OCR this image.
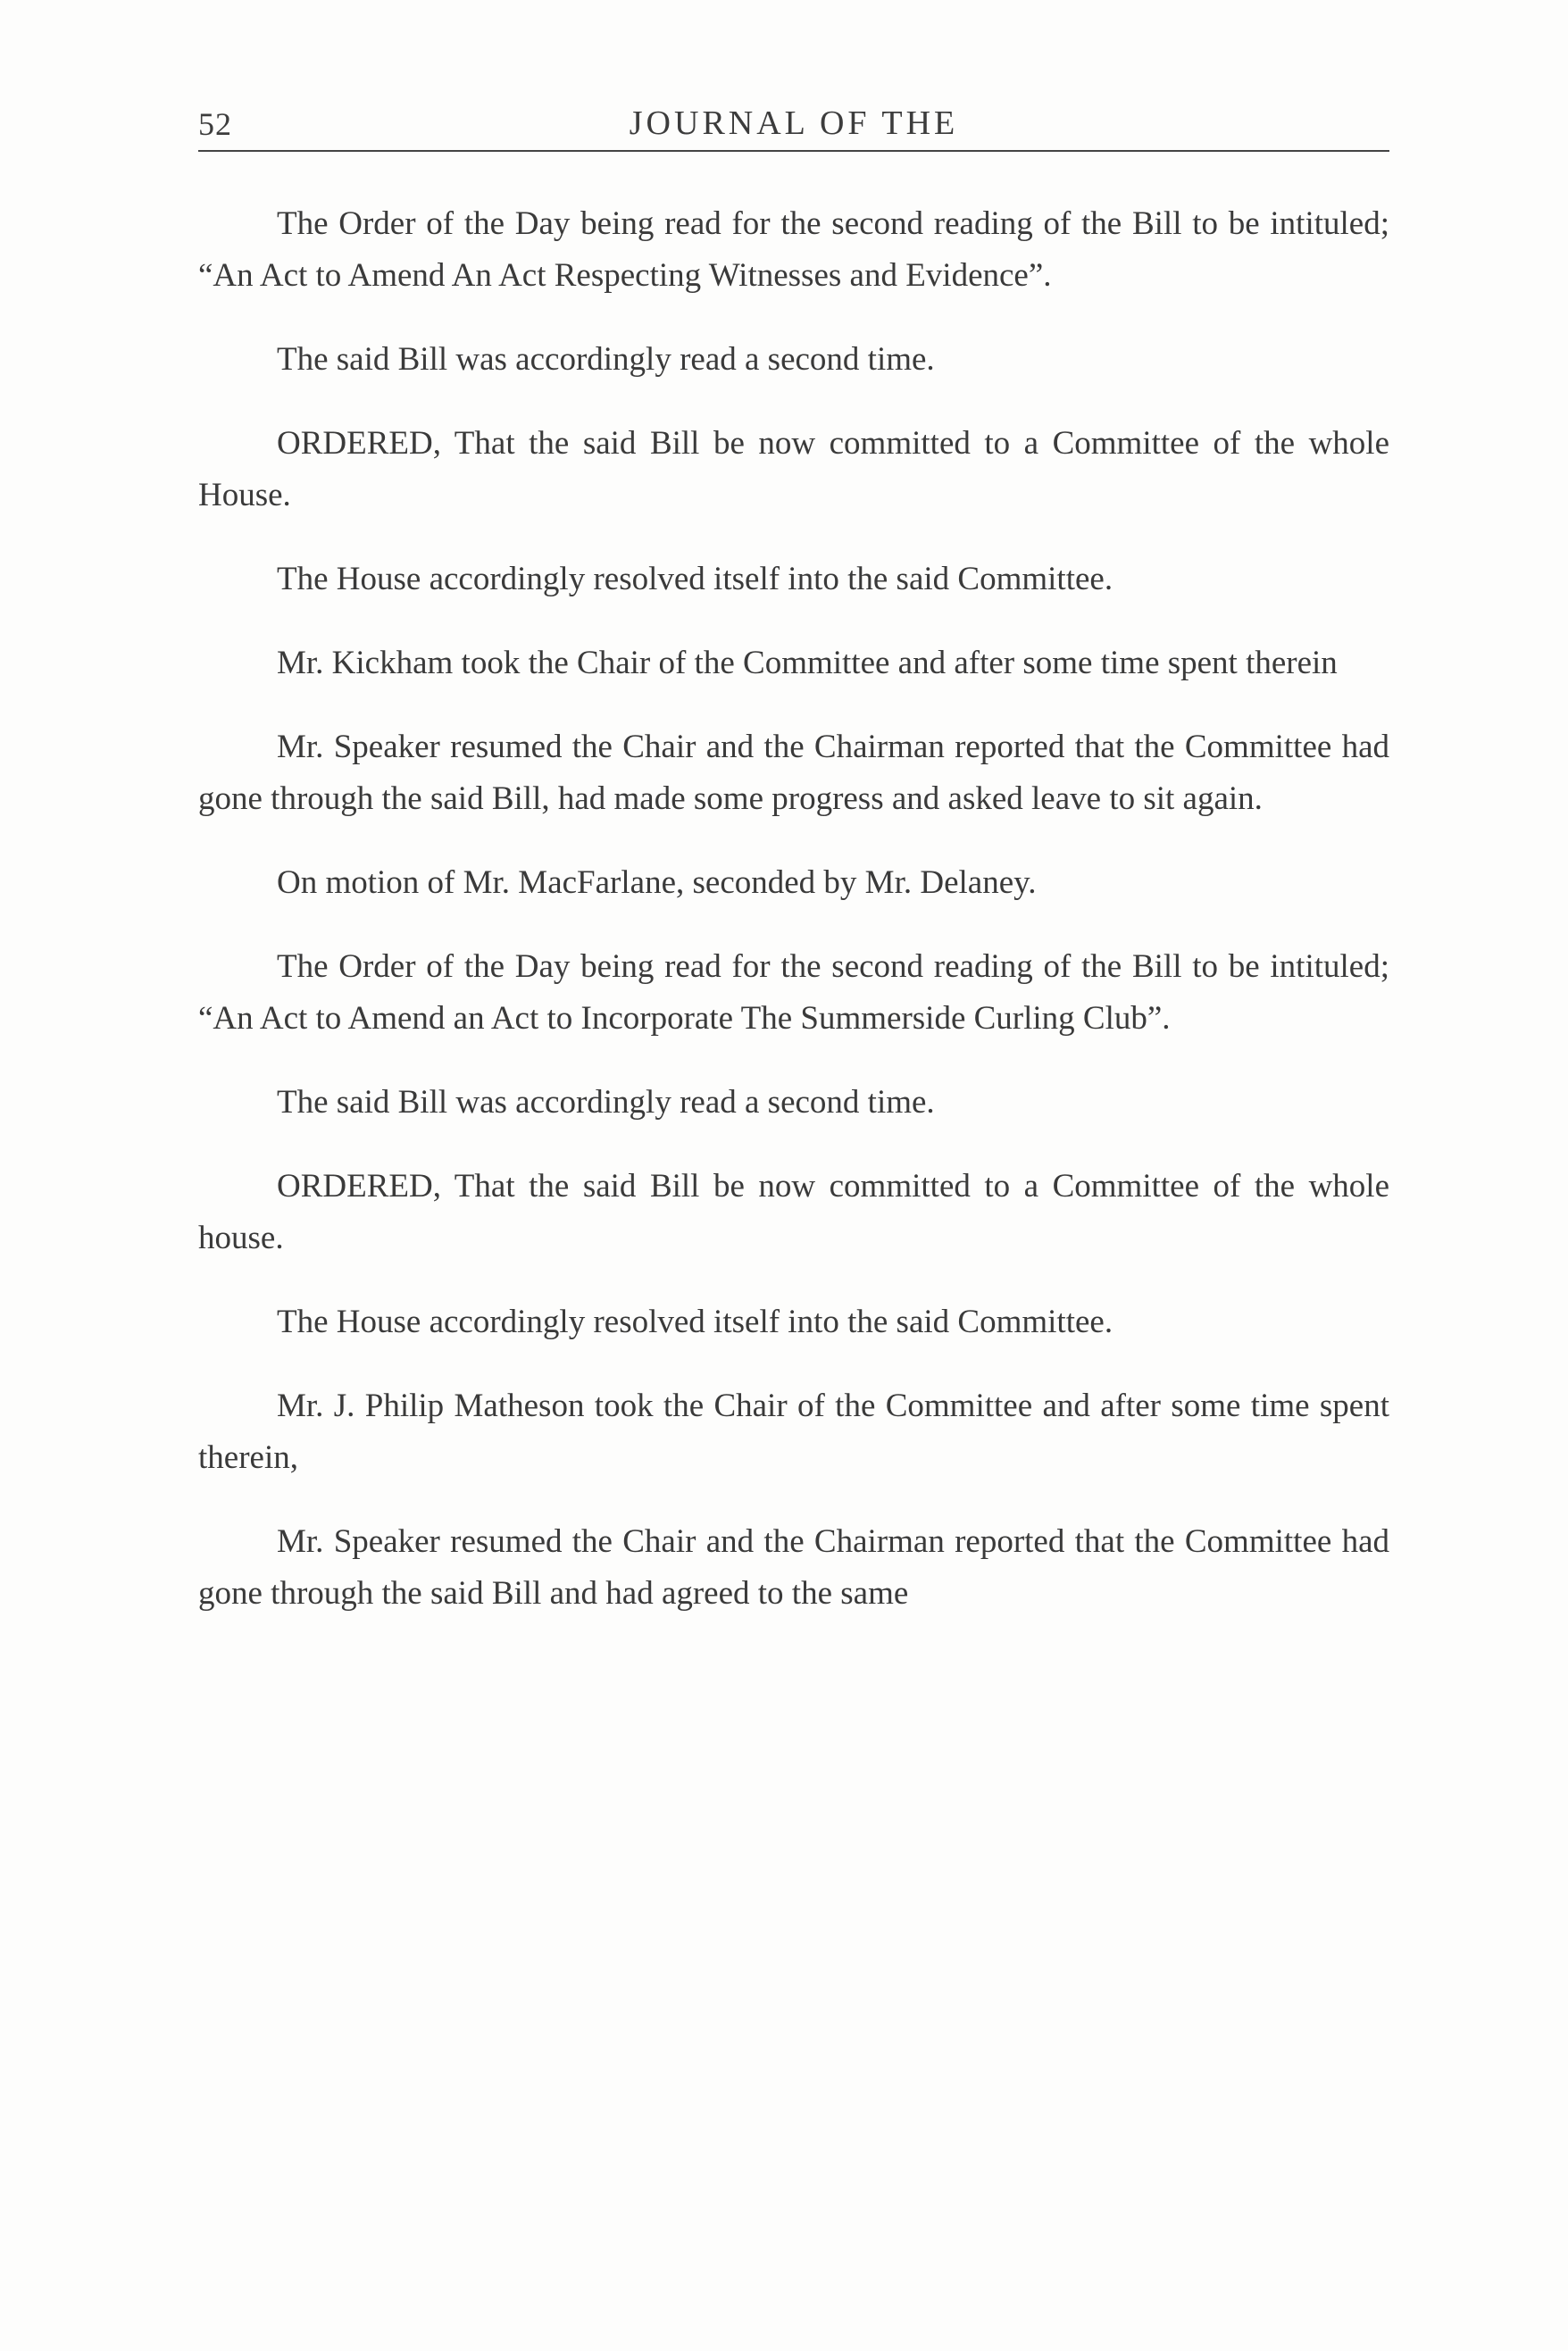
52	JOURNAL OF THE

The Order of the Day being read for the second reading of the Bill to be intituled; “An Act to Amend An Act Respecting Witnesses and Evidence”.

The said Bill was accordingly read a second time.

ORDERED, That the said Bill be now committed to a Committee of the whole House.

The House accordingly resolved itself into the said Committee.

Mr. Kickham took the Chair of the Committee and after some time spent therein

Mr. Speaker resumed the Chair and the Chairman reported that the Committee had gone through the said Bill, had made some progress and asked leave to sit again.

On motion of Mr. MacFarlane, seconded by Mr. Delaney.

The Order of the Day being read for the second reading of the Bill to be intituled; “An Act to Amend an Act to Incorporate The Summerside Curling Club”.

The said Bill was accordingly read a second time.

ORDERED, That the said Bill be now committed to a Committee of the whole house.

The House accordingly resolved itself into the said Committee.

Mr. J. Philip Matheson took the Chair of the Committee and after some time spent therein,

Mr. Speaker resumed the Chair and the Chairman reported that the Committee had gone through the said Bill and had agreed to the same
